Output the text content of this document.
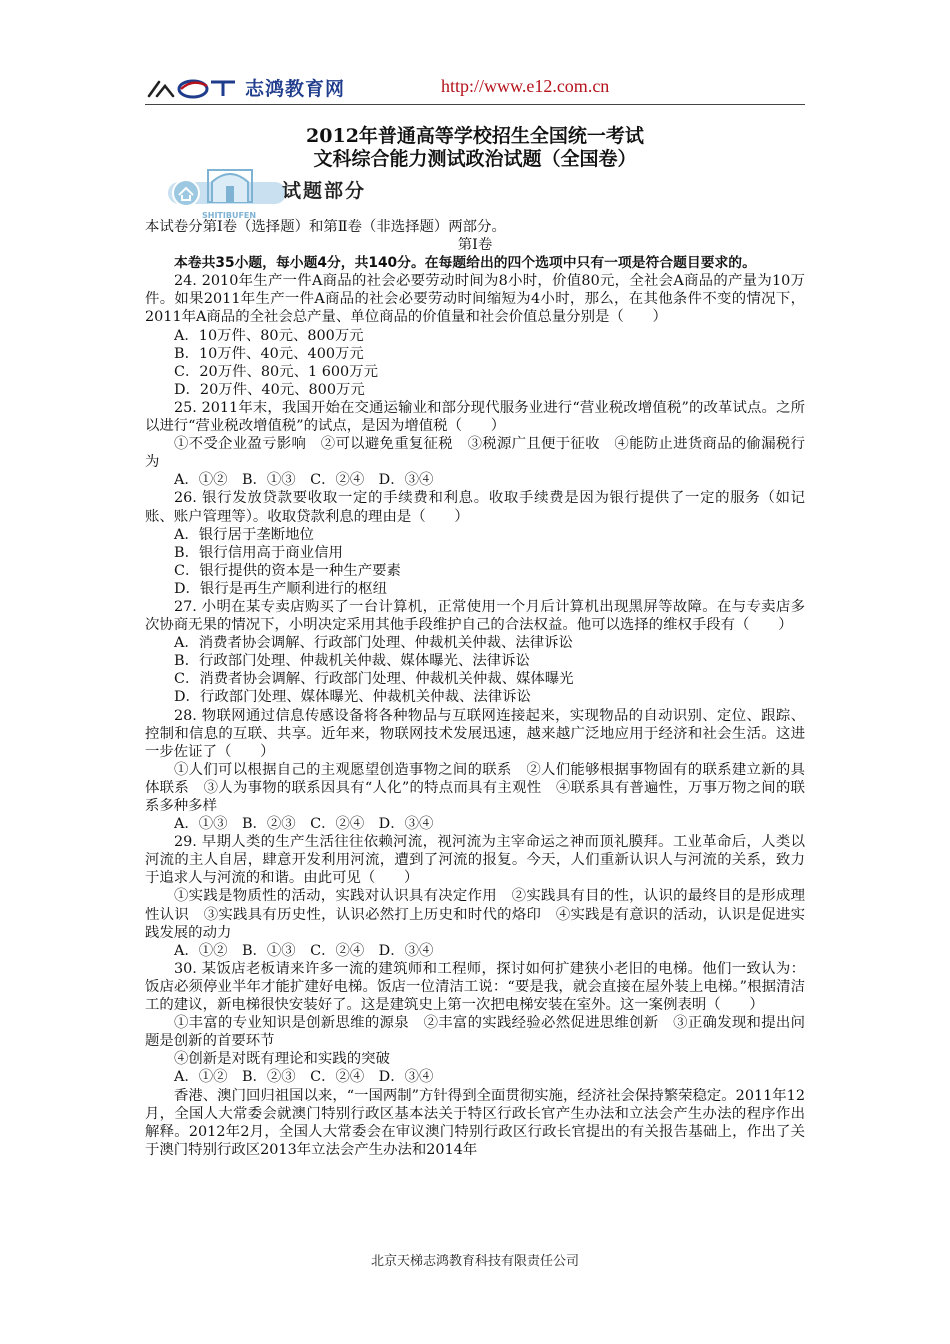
志鸿教育网	http://www.e12.com.cn
2012年普通高等学校招生全国统一考试
文科综合能力测试政治试题（全国卷）
SHITIBUFEN
试题部分

本试卷分第Ⅰ卷（选择题）和第Ⅱ卷（非选择题）两部分。

第Ⅰ卷

本卷共35小题，每小题4分，共140分。在每题给出的四个选项中只有一项是符合题目要求的。

24. 2010年生产一件A商品的社会必要劳动时间为8小时，价值80元，全社会A商品的产量为10万件。如果2011年生产一件A商品的社会必要劳动时间缩短为4小时，那么，在其他条件不变的情况下，2011年A商品的全社会总产量、单位商品的价值量和社会价值总量分别是（　　）

A．10万件、80元、800万元

B．10万件、40元、400万元

C．20万件、80元、1 600万元

D．20万件、40元、800万元

25. 2011年末，我国开始在交通运输业和部分现代服务业进行“营业税改增值税”的改革试点。之所以进行“营业税改增值税”的试点，是因为增值税（　　）

①不受企业盈亏影响　②可以避免重复征税　③税源广且便于征收　④能防止进货商品的偷漏税行为

A．①②　B．①③　C．②④　D．③④

26. 银行发放贷款要收取一定的手续费和利息。收取手续费是因为银行提供了一定的服务（如记账、账户管理等）。收取贷款利息的理由是（　　）

A．银行居于垄断地位

B．银行信用高于商业信用

C．银行提供的资本是一种生产要素

D．银行是再生产顺利进行的枢纽

27. 小明在某专卖店购买了一台计算机，正常使用一个月后计算机出现黑屏等故障。在与专卖店多次协商无果的情况下，小明决定采用其他手段维护自己的合法权益。他可以选择的维权手段有（　　）

A．消费者协会调解、行政部门处理、仲裁机关仲裁、法律诉讼

B．行政部门处理、仲裁机关仲裁、媒体曝光、法律诉讼

C．消费者协会调解、行政部门处理、仲裁机关仲裁、媒体曝光

D．行政部门处理、媒体曝光、仲裁机关仲裁、法律诉讼

28. 物联网通过信息传感设备将各种物品与互联网连接起来，实现物品的自动识别、定位、跟踪、控制和信息的互联、共享。近年来，物联网技术发展迅速，越来越广泛地应用于经济和社会生活。这进一步佐证了（　　）

①人们可以根据自己的主观愿望创造事物之间的联系　②人们能够根据事物固有的联系建立新的具体联系　③人为事物的联系因具有“人化”的特点而具有主观性　④联系具有普遍性，万事万物之间的联系多种多样

A．①③　B．②③　C．②④　D．③④

29. 早期人类的生产生活往往依赖河流，视河流为主宰命运之神而顶礼膜拜。工业革命后，人类以河流的主人自居，肆意开发利用河流，遭到了河流的报复。今天，人们重新认识人与河流的关系，致力于追求人与河流的和谐。由此可见（　　）

①实践是物质性的活动，实践对认识具有决定作用　②实践具有目的性，认识的最终目的是形成理性认识　③实践具有历史性，认识必然打上历史和时代的烙印　④实践是有意识的活动，认识是促进实践发展的动力

A．①②　B．①③　C．②④　D．③④

30. 某饭店老板请来许多一流的建筑师和工程师，探讨如何扩建狭小老旧的电梯。他们一致认为：饭店必须停业半年才能扩建好电梯。饭店一位清洁工说：“要是我，就会直接在屋外装上电梯。”根据清洁工的建议，新电梯很快安装好了。这是建筑史上第一次把电梯安装在室外。这一案例表明（　　）

①丰富的专业知识是创新思维的源泉　②丰富的实践经验必然促进思维创新　③正确发现和提出问题是创新的首要环节

④创新是对既有理论和实践的突破

A．①②　B．②③　C．②④　D．③④

香港、澳门回归祖国以来，“一国两制”方针得到全面贯彻实施，经济社会保持繁荣稳定。2011年12月，全国人大常委会就澳门特别行政区基本法关于特区行政长官产生办法和立法会产生办法的程序作出解释。2012年2月，全国人大常委会在审议澳门特别行政区行政长官提出的有关报告基础上，作出了关于澳门特别行政区2013年立法会产生办法和2014年

北京天梯志鸿教育科技有限责任公司
